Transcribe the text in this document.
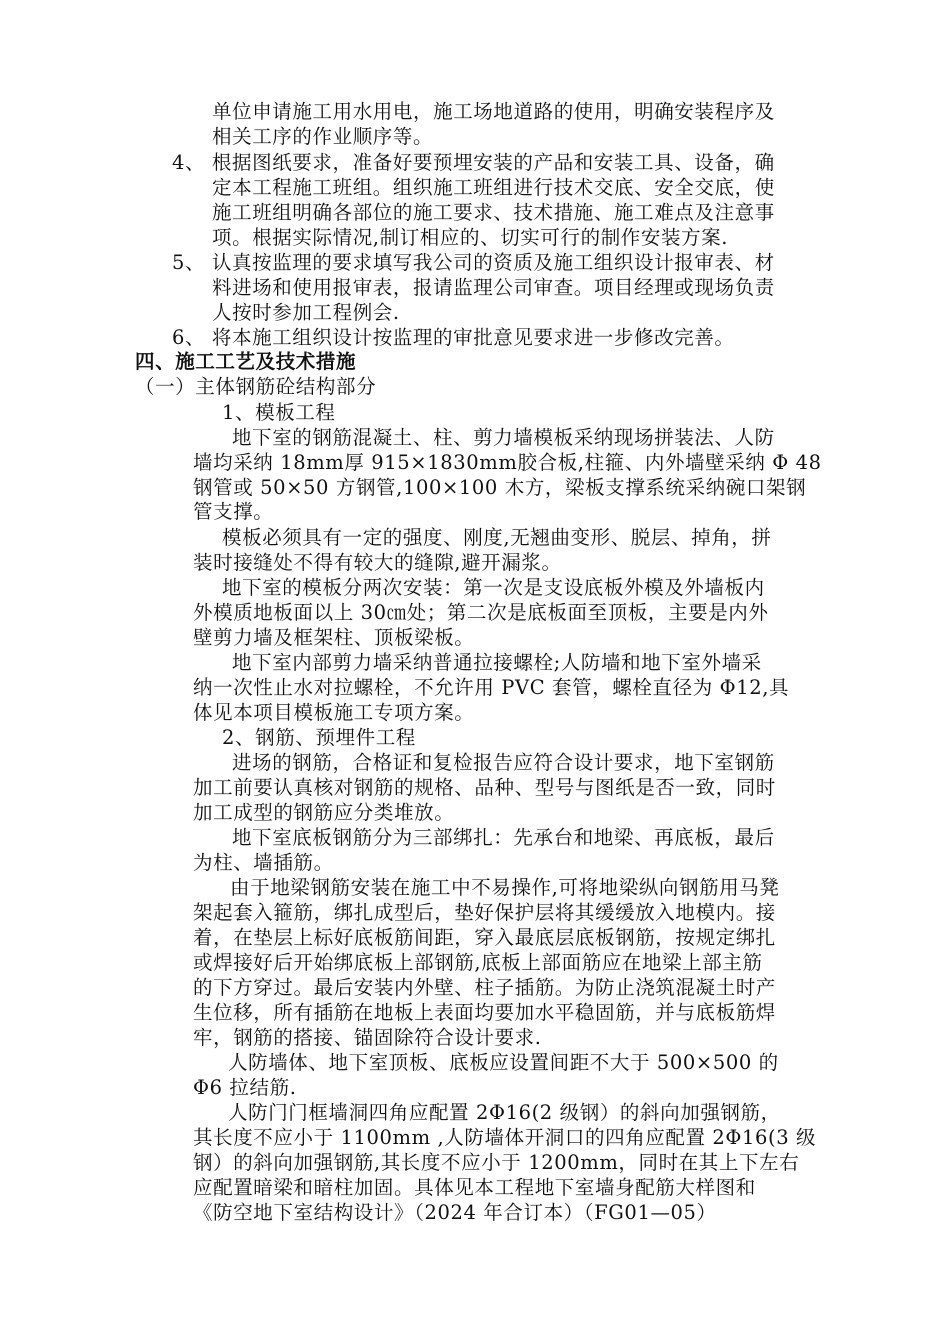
单位申请施工用水用电，施工场地道路的使用，明确安装程序及
相关工序的作业顺序等。
4、 根据图纸要求，准备好要预埋安装的产品和安装工具、设备，确
定本工程施工班组。组织施工班组进行技术交底、安全交底，使
施工班组明确各部位的施工要求、技术措施、施工难点及注意事
项。根据实际情况,制订相应的、切实可行的制作安装方案.
5、 认真按监理的要求填写我公司的资质及施工组织设计报审表、材
料进场和使用报审表，报请监理公司审查。项目经理或现场负责
人按时参加工程例会.
6、 将本施工组织设计按监理的审批意见要求进一步修改完善。
四、施工工艺及技术措施
（一）主体钢筋砼结构部分
1、模板工程
地下室的钢筋混凝土、柱、剪力墙模板采纳现场拼装法、人防
墙均采纳 18mm厚 915×1830mm胶合板,柱箍、内外墙壁采纳 Φ 48
钢管或 50×50 方钢管,100×100 木方，梁板支撑系统采纳碗口架钢
管支撑。
模板必须具有一定的强度、刚度,无翘曲变形、脱层、掉角，拼
装时接缝处不得有较大的缝隙,避开漏浆。
地下室的模板分两次安装：第一次是支设底板外模及外墙板内
外模质地板面以上 30㎝处；第二次是底板面至顶板，主要是内外
壁剪力墙及框架柱、顶板梁板。
地下室内部剪力墙采纳普通拉接螺栓;人防墙和地下室外墙采
纳一次性止水对拉螺栓，不允许用 PVC 套管，螺栓直径为 Φ12,具
体见本项目模板施工专项方案。
2、钢筋、预埋件工程
进场的钢筋，合格证和复检报告应符合设计要求，地下室钢筋
加工前要认真核对钢筋的规格、品种、型号与图纸是否一致，同时
加工成型的钢筋应分类堆放。
地下室底板钢筋分为三部绑扎：先承台和地梁、再底板，最后
为柱、墙插筋。
由于地梁钢筋安装在施工中不易操作,可将地梁纵向钢筋用马凳
架起套入箍筋，绑扎成型后，垫好保护层将其缓缓放入地模内。接
着，在垫层上标好底板筋间距，穿入最底层底板钢筋，按规定绑扎
或焊接好后开始绑底板上部钢筋,底板上部面筋应在地梁上部主筋
的下方穿过。最后安装内外壁、柱子插筋。为防止浇筑混凝土时产
生位移，所有插筋在地板上表面均要加水平稳固筋，并与底板筋焊
牢，钢筋的搭接、锚固除符合设计要求.
人防墙体、地下室顶板、底板应设置间距不大于 500×500 的
Φ6 拉结筋.
人防门门框墙洞四角应配置 2Φ16(2 级钢）的斜向加强钢筋，
其长度不应小于 1100mm ,人防墙体开洞口的四角应配置 2Φ16(3 级
钢）的斜向加强钢筋,其长度不应小于 1200mm，同时在其上下左右
应配置暗梁和暗柱加固。具体见本工程地下室墙身配筋大样图和
《防空地下室结构设计》（2024 年合订本）（FG01—05）
